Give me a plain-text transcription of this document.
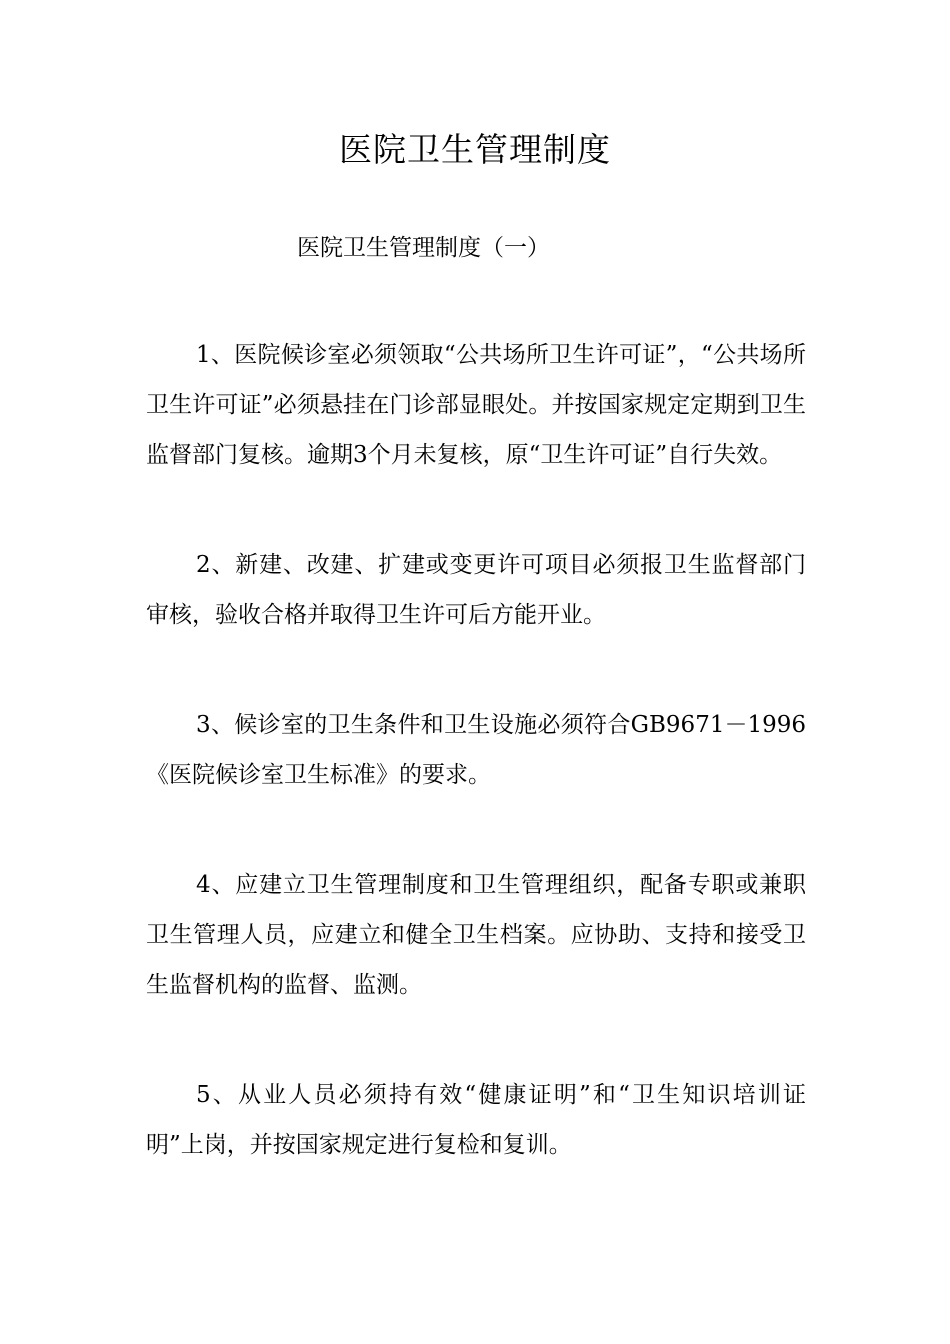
医院卫生管理制度
医院卫生管理制度（一）

1、医院候诊室必须领取“公共场所卫生许可证”，“公共场所卫生许可证”必须悬挂在门诊部显眼处。并按国家规定定期到卫生监督部门复核。逾期3个月未复核，原“卫生许可证”自行失效。

2、新建、改建、扩建或变更许可项目必须报卫生监督部门审核，验收合格并取得卫生许可后方能开业。

3、候诊室的卫生条件和卫生设施必须符合GB9671－1996《医院候诊室卫生标准》的要求。

4、应建立卫生管理制度和卫生管理组织，配备专职或兼职卫生管理人员，应建立和健全卫生档案。应协助、支持和接受卫生监督机构的监督、监测。

5、从业人员必须持有效“健康证明”和“卫生知识培训证明”上岗，并按国家规定进行复检和复训。
